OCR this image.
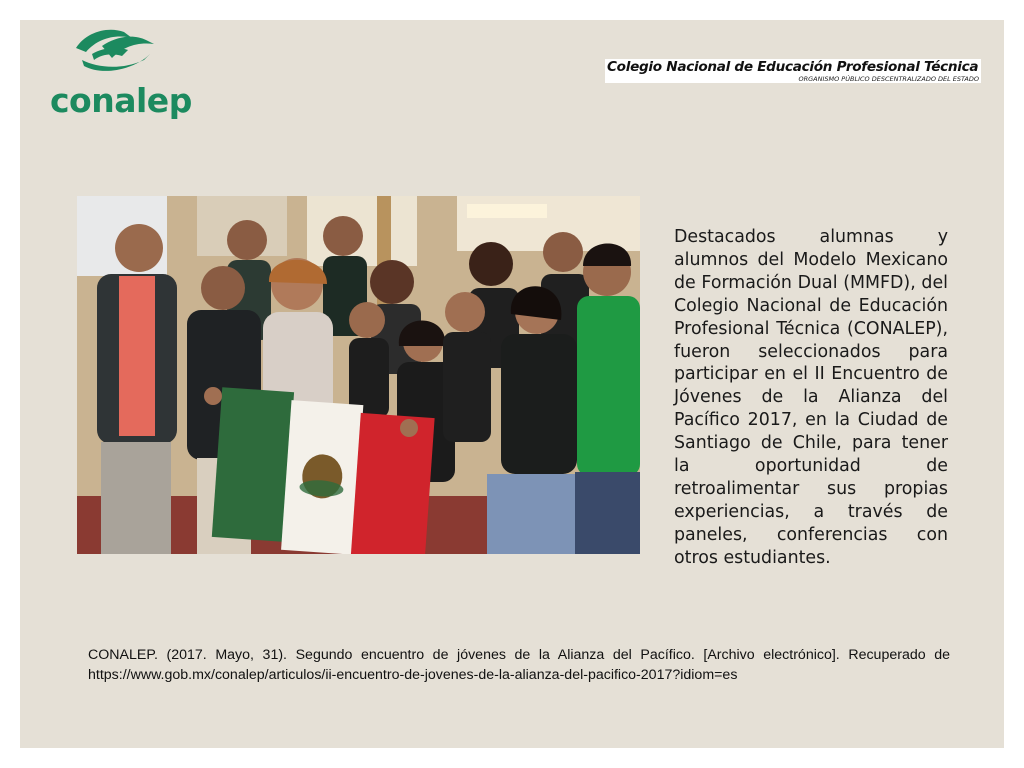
conalep
Colegio Nacional de Educación Profesional Técnica
ORGANISMO PÚBLICO DESCENTRALIZADO DEL ESTADO

Destacados alumnas y alumnos del Modelo Mexicano de Formación Dual (MMFD), del Colegio Nacional de Educación Profesional Técnica (CONALEP), fueron seleccionados para participar en el II Encuentro de Jóvenes de la Alianza del Pacífico 2017, en la Ciudad de Santiago de Chile, para tener la oportunidad de retroalimentar sus propias experiencias, a través de paneles, conferencias con otros estudiantes.

CONALEP. (2017. Mayo, 31). Segundo encuentro de jóvenes de la Alianza del Pacífico. [Archivo electrónico]. Recuperado de https://www.gob.mx/conalep/articulos/ii-encuentro-de-jovenes-de-la-alianza-del-pacifico-2017?idiom=es
